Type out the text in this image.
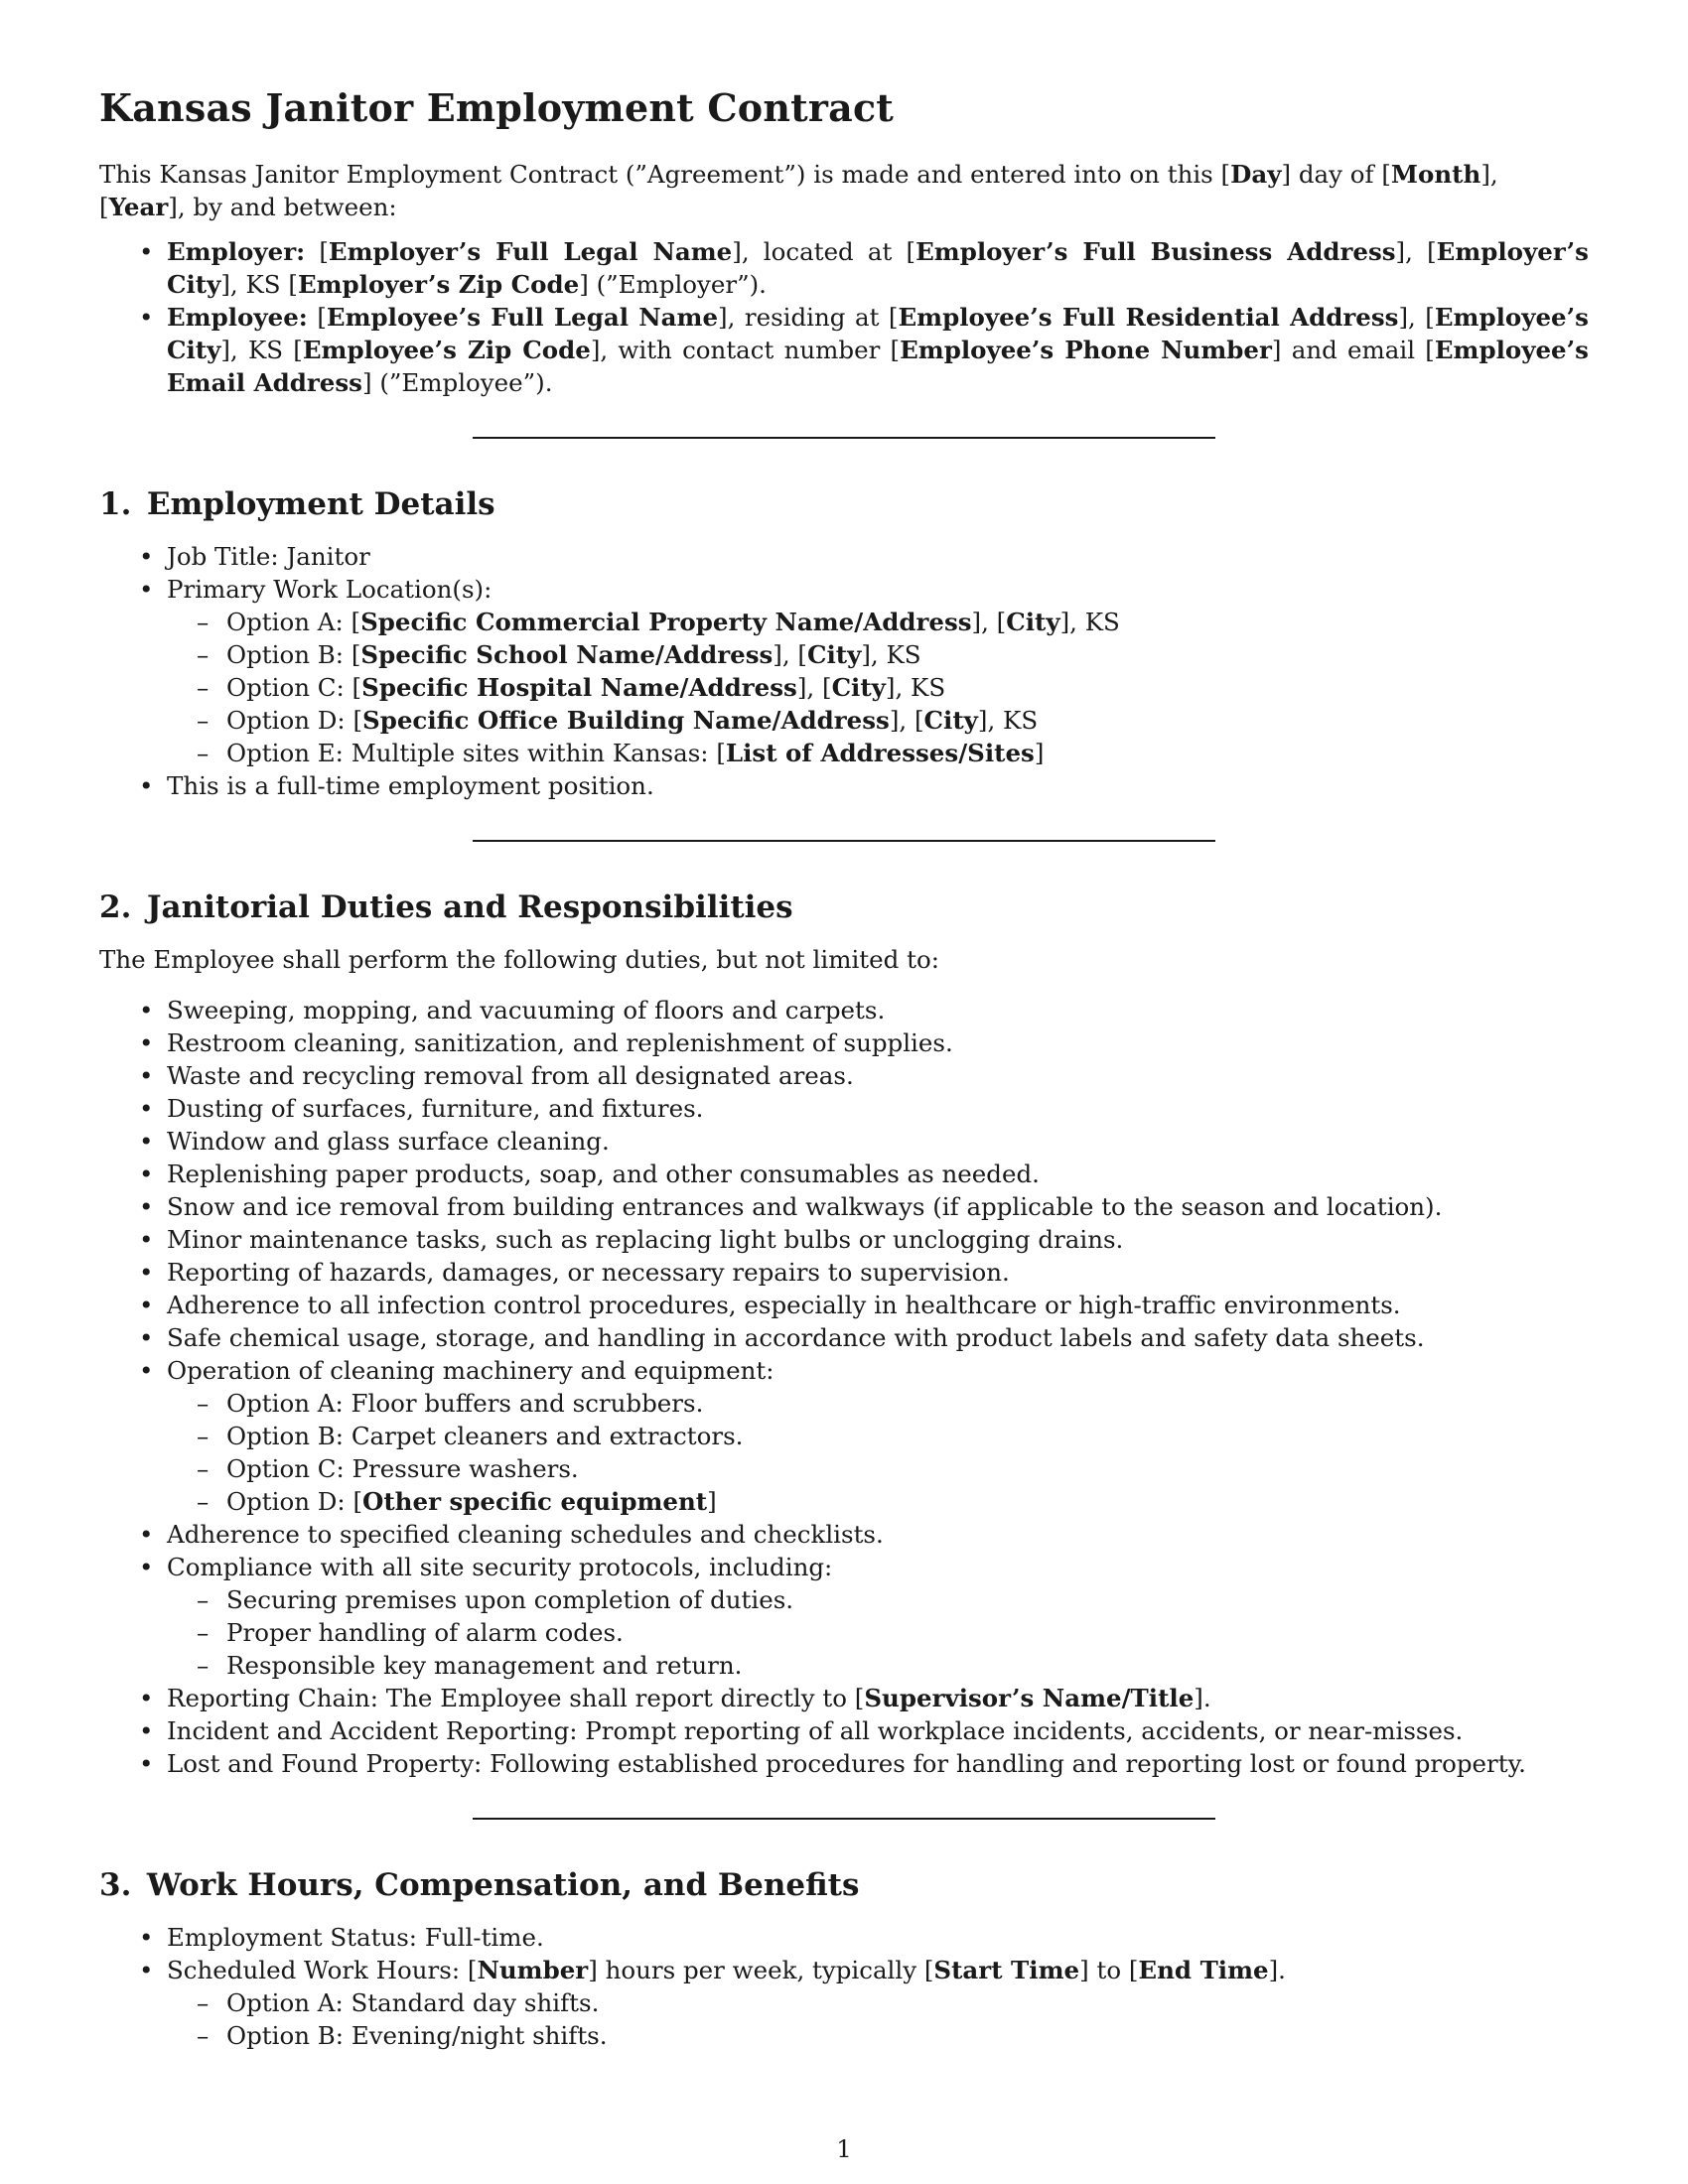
Kansas Janitor Employment Contract

This Kansas Janitor Employment Contract (”Agreement”) is made and entered into on this [Day] day of [Month], [Year], by and between:

• Employer: [Employer’s Full Legal Name], located at [Employer’s Full Business Address], [Employer’s City], KS [Employer’s Zip Code] (”Employer”).
• Employee: [Employee’s Full Legal Name], residing at [Employee’s Full Residential Address], [Employee’s City], KS [Employee’s Zip Code], with contact number [Employee’s Phone Number] and email [Employee’s Email Address] (”Employee”).
1. Employment Details
• Job Title: Janitor
• Primary Work Location(s):
– Option A: [Specific Commercial Property Name/Address], [City], KS
– Option B: [Specific School Name/Address], [City], KS
– Option C: [Specific Hospital Name/Address], [City], KS
– Option D: [Specific Office Building Name/Address], [City], KS
– Option E: Multiple sites within Kansas: [List of Addresses/Sites]
• This is a full-time employment position.
2. Janitorial Duties and Responsibilities

The Employee shall perform the following duties, but not limited to:

• Sweeping, mopping, and vacuuming of floors and carpets.
• Restroom cleaning, sanitization, and replenishment of supplies.
• Waste and recycling removal from all designated areas.
• Dusting of surfaces, furniture, and fixtures.
• Window and glass surface cleaning.
• Replenishing paper products, soap, and other consumables as needed.
• Snow and ice removal from building entrances and walkways (if applicable to the season and location).
• Minor maintenance tasks, such as replacing light bulbs or unclogging drains.
• Reporting of hazards, damages, or necessary repairs to supervision.
• Adherence to all infection control procedures, especially in healthcare or high-traffic environments.
• Safe chemical usage, storage, and handling in accordance with product labels and safety data sheets.
• Operation of cleaning machinery and equipment:
– Option A: Floor buffers and scrubbers.
– Option B: Carpet cleaners and extractors.
– Option C: Pressure washers.
– Option D: [Other specific equipment]
• Adherence to specified cleaning schedules and checklists.
• Compliance with all site security protocols, including:
– Securing premises upon completion of duties.
– Proper handling of alarm codes.
– Responsible key management and return.
• Reporting Chain: The Employee shall report directly to [Supervisor’s Name/Title].
• Incident and Accident Reporting: Prompt reporting of all workplace incidents, accidents, or near-misses.
• Lost and Found Property: Following established procedures for handling and reporting lost or found property.
3. Work Hours, Compensation, and Benefits
• Employment Status: Full-time.
• Scheduled Work Hours: [Number] hours per week, typically [Start Time] to [End Time].
– Option A: Standard day shifts.
– Option B: Evening/night shifts.
1
